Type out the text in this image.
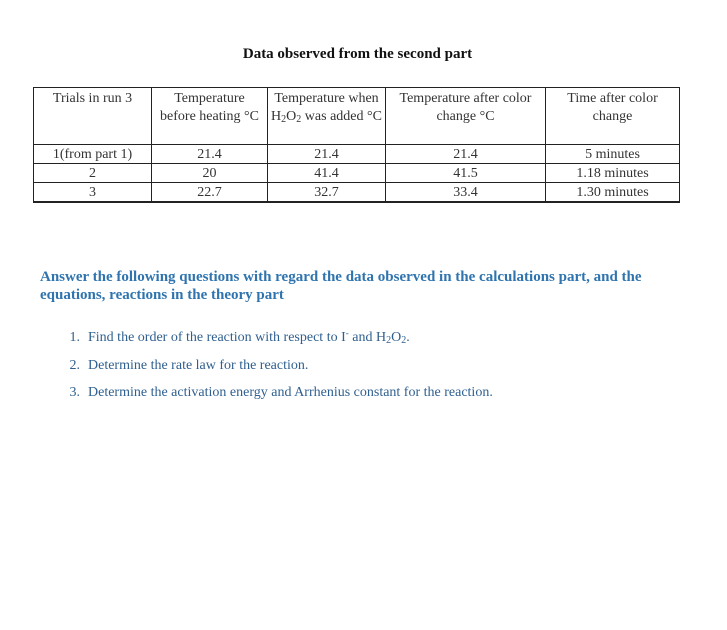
Data observed from the second part
Trials in run 3	Temperature before heating °C	Temperature when $H_2O_2$ was added °C	Temperature after color change °C	Time after color change
1(from part 1)	21.4	21.4	21.4	5 minutes
2	20	41.4	41.5	1.18 minutes
3	22.7	32.7	33.4	1.30 minutes
Answer the following questions with regard the data observed in the calculations part, and the equations, reactions in the theory part
1. Find the order of the reaction with respect to I- and $H_2O_2$.
2. Determine the rate law for the reaction.
3. Determine the activation energy and Arrhenius constant for the reaction.
